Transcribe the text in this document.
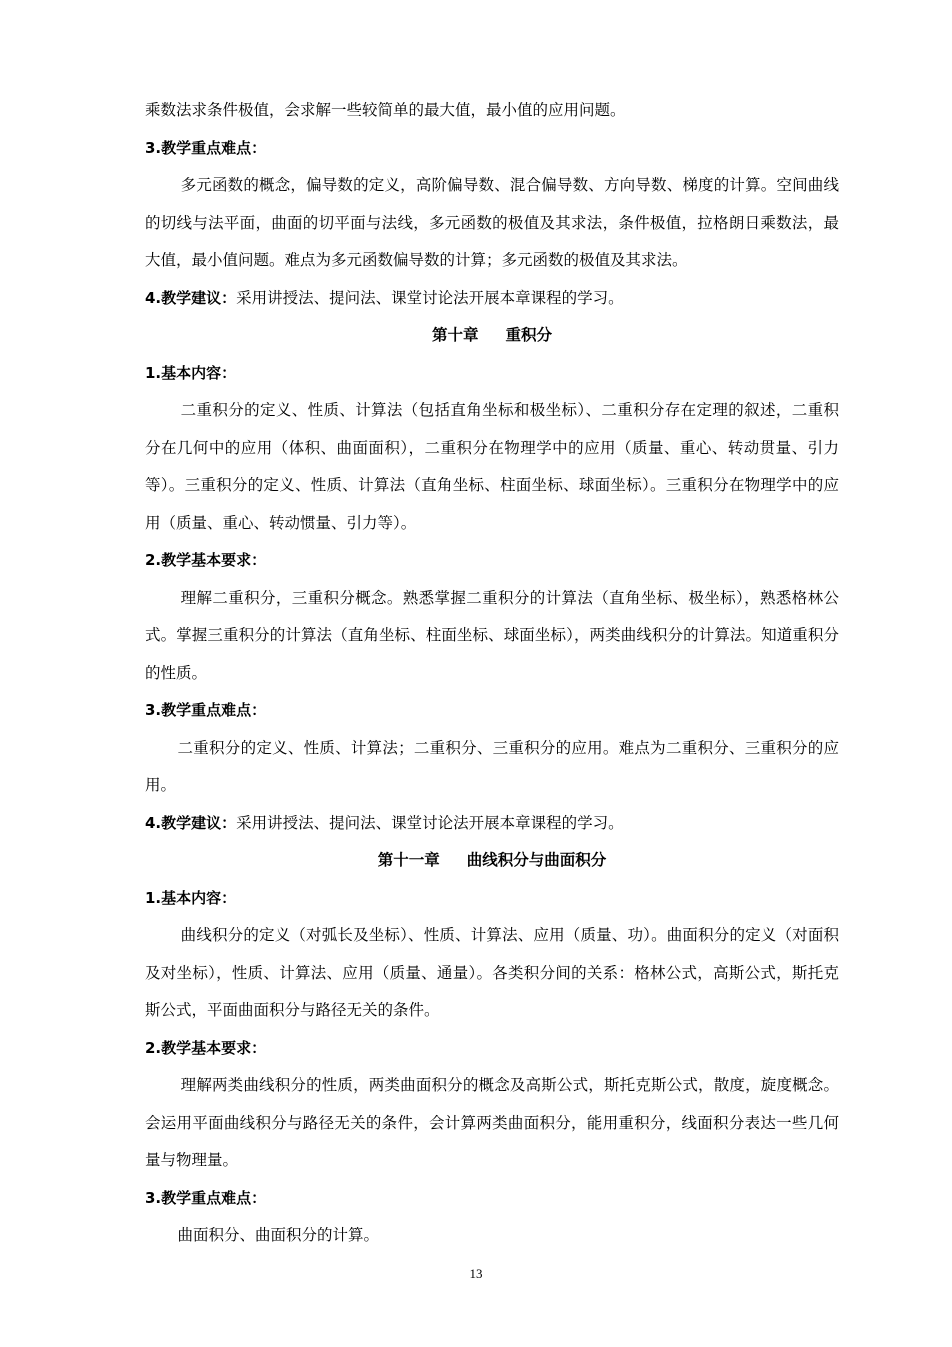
乘数法求条件极值，会求解一些较简单的最大值，最小值的应用问题。

3.教学重点难点：

多元函数的概念，偏导数的定义，高阶偏导数、混合偏导数、方向导数、梯度的计算。空间曲线的切线与法平面，曲面的切平面与法线，多元函数的极值及其求法，条件极值，拉格朗日乘数法，最大值，最小值问题。难点为多元函数偏导数的计算；多元函数的极值及其求法。

4.教学建议：采用讲授法、提问法、课堂讨论法开展本章课程的学习。

第十章     重积分

1.基本内容：

二重积分的定义、性质、计算法（包括直角坐标和极坐标）、二重积分存在定理的叙述，二重积分在几何中的应用（体积、曲面面积），二重积分在物理学中的应用（质量、重心、转动贯量、引力等）。三重积分的定义、性质、计算法（直角坐标、柱面坐标、球面坐标）。三重积分在物理学中的应用（质量、重心、转动惯量、引力等）。

2.教学基本要求：

理解二重积分，三重积分概念。熟悉掌握二重积分的计算法（直角坐标、极坐标），熟悉格林公式。掌握三重积分的计算法（直角坐标、柱面坐标、球面坐标），两类曲线积分的计算法。知道重积分的性质。

3.教学重点难点：

二重积分的定义、性质、计算法；二重积分、三重积分的应用。难点为二重积分、三重积分的应用。

4.教学建议：采用讲授法、提问法、课堂讨论法开展本章课程的学习。

第十一章     曲线积分与曲面积分

1.基本内容：

曲线积分的定义（对弧长及坐标）、性质、计算法、应用（质量、功）。曲面积分的定义（对面积及对坐标），性质、计算法、应用（质量、通量）。各类积分间的关系：格林公式，高斯公式，斯托克斯公式，平面曲面积分与路径无关的条件。

2.教学基本要求：

理解两类曲线积分的性质，两类曲面积分的概念及高斯公式，斯托克斯公式，散度，旋度概念。会运用平面曲线积分与路径无关的条件，会计算两类曲面积分，能用重积分，线面积分表达一些几何量与物理量。

3.教学重点难点：

曲面积分、曲面积分的计算。

13
